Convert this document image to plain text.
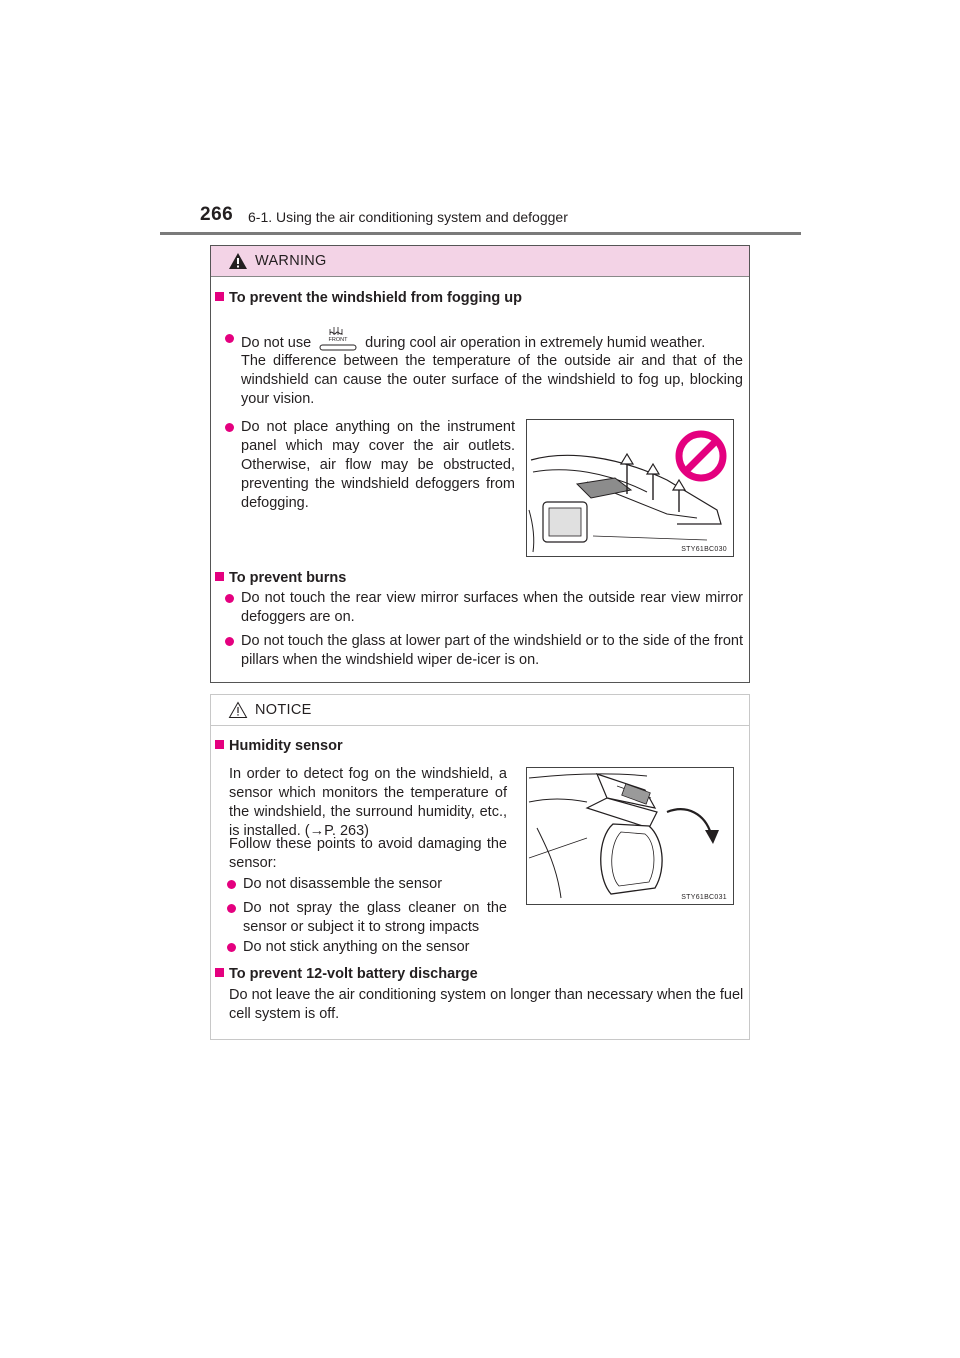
266 6-1. Using the air conditioning system and defogger
WARNING
To prevent the windshield from fogging up
Do not use	FRONT during cool air operation in extremely humid weather.
The difference between the temperature of the outside air and that of the windshield can cause the outer surface of the windshield to fog up, blocking your vision.
Do not place anything on the instrument panel which may cover the air outlets. Otherwise, air flow may be obstructed, preventing the windshield defoggers from defogging.
STY61BC030
To prevent burns
Do not touch the rear view mirror surfaces when the outside rear view mirror defoggers are on.
Do not touch the glass at lower part of the windshield or to the side of the front pillars when the windshield wiper de-icer is on.
NOTICE
Humidity sensor
In order to detect fog on the windshield, a sensor which monitors the temperature of the windshield, the surround humidity, etc., is installed. (→P. 263)
Follow these points to avoid damaging the sensor:
Do not disassemble the sensor
Do not spray the glass cleaner on the sensor or subject it to strong impacts
Do not stick anything on the sensor
STY61BC031
To prevent 12-volt battery discharge
Do not leave the air conditioning system on longer than necessary when the fuel cell system is off.
